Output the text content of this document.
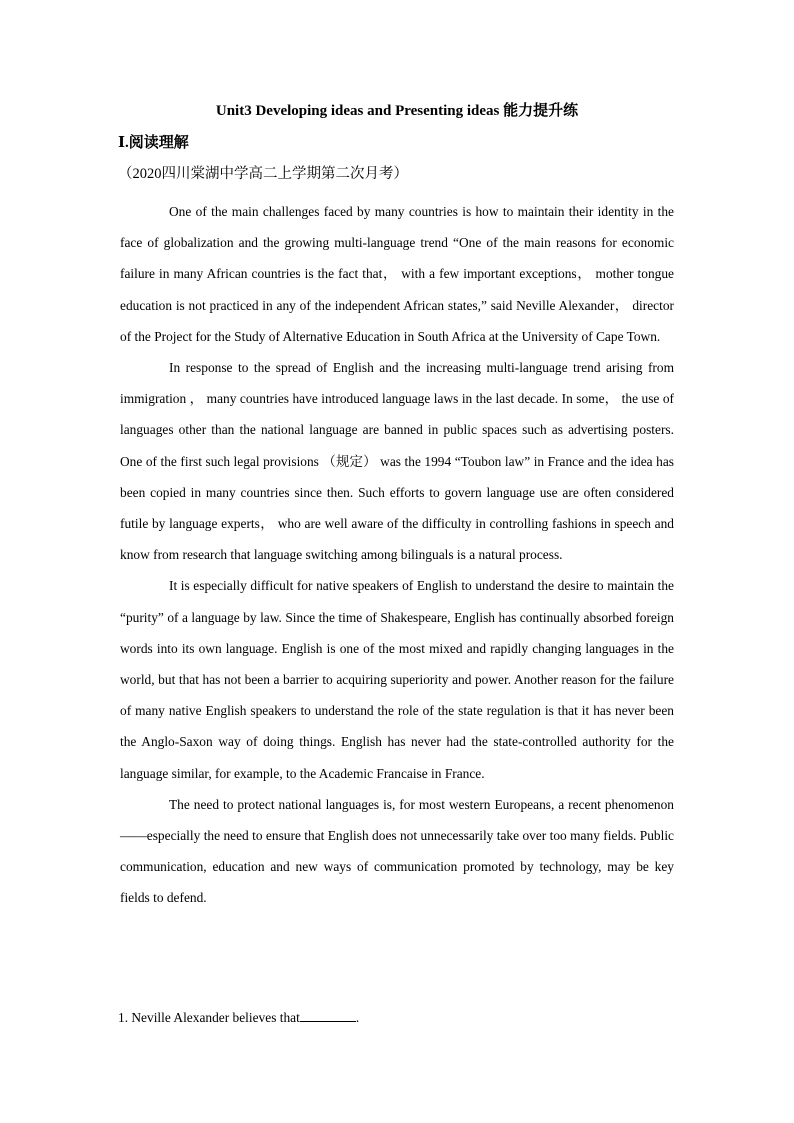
Unit3 Developing ideas and Presenting ideas 能力提升练
Ⅰ.阅读理解
（2020四川棠湖中学高二上学期第二次月考）

One of the main challenges faced by many countries is how to maintain their identity in the face of globalization and the growing multi-language trend “One of the main reasons for economic failure in many African countries is the fact that， with a few important exceptions， mother tongue education is not practiced in any of the independent African states,” said Neville Alexander， director of the Project for the Study of Alternative Education in South Africa at the University of Cape Town.

In response to the spread of English and the increasing multi-language trend arising from immigration ， many countries have introduced language laws in the last decade. In some， the use of languages other than the national language are banned in public spaces such as advertising posters. One of the first such legal provisions （规定） was the 1994 “Toubon law” in France and the idea has been copied in many countries since then. Such efforts to govern language use are often considered futile by language experts， who are well aware of the difficulty in controlling fashions in speech and know from research that language switching among bilinguals is a natural process.

It is especially difficult for native speakers of English to understand the desire to maintain the “purity” of a language by law. Since the time of Shakespeare, English has continually absorbed foreign words into its own language. English is one of the most mixed and rapidly changing languages in the world, but that has not been a barrier to acquiring superiority and power. Another reason for the failure of many native English speakers to understand the role of the state regulation is that it has never been the Anglo-Saxon way of doing things. English has never had the state-controlled authority for the language similar, for example, to the Academic Francaise in France.

The need to protect national languages is, for most western Europeans, a recent phenomenon ——especially the need to ensure that English does not unnecessarily take over too many fields. Public communication, education and new ways of communication promoted by technology, may be key fields to defend.

1. Neville Alexander believes that	.
